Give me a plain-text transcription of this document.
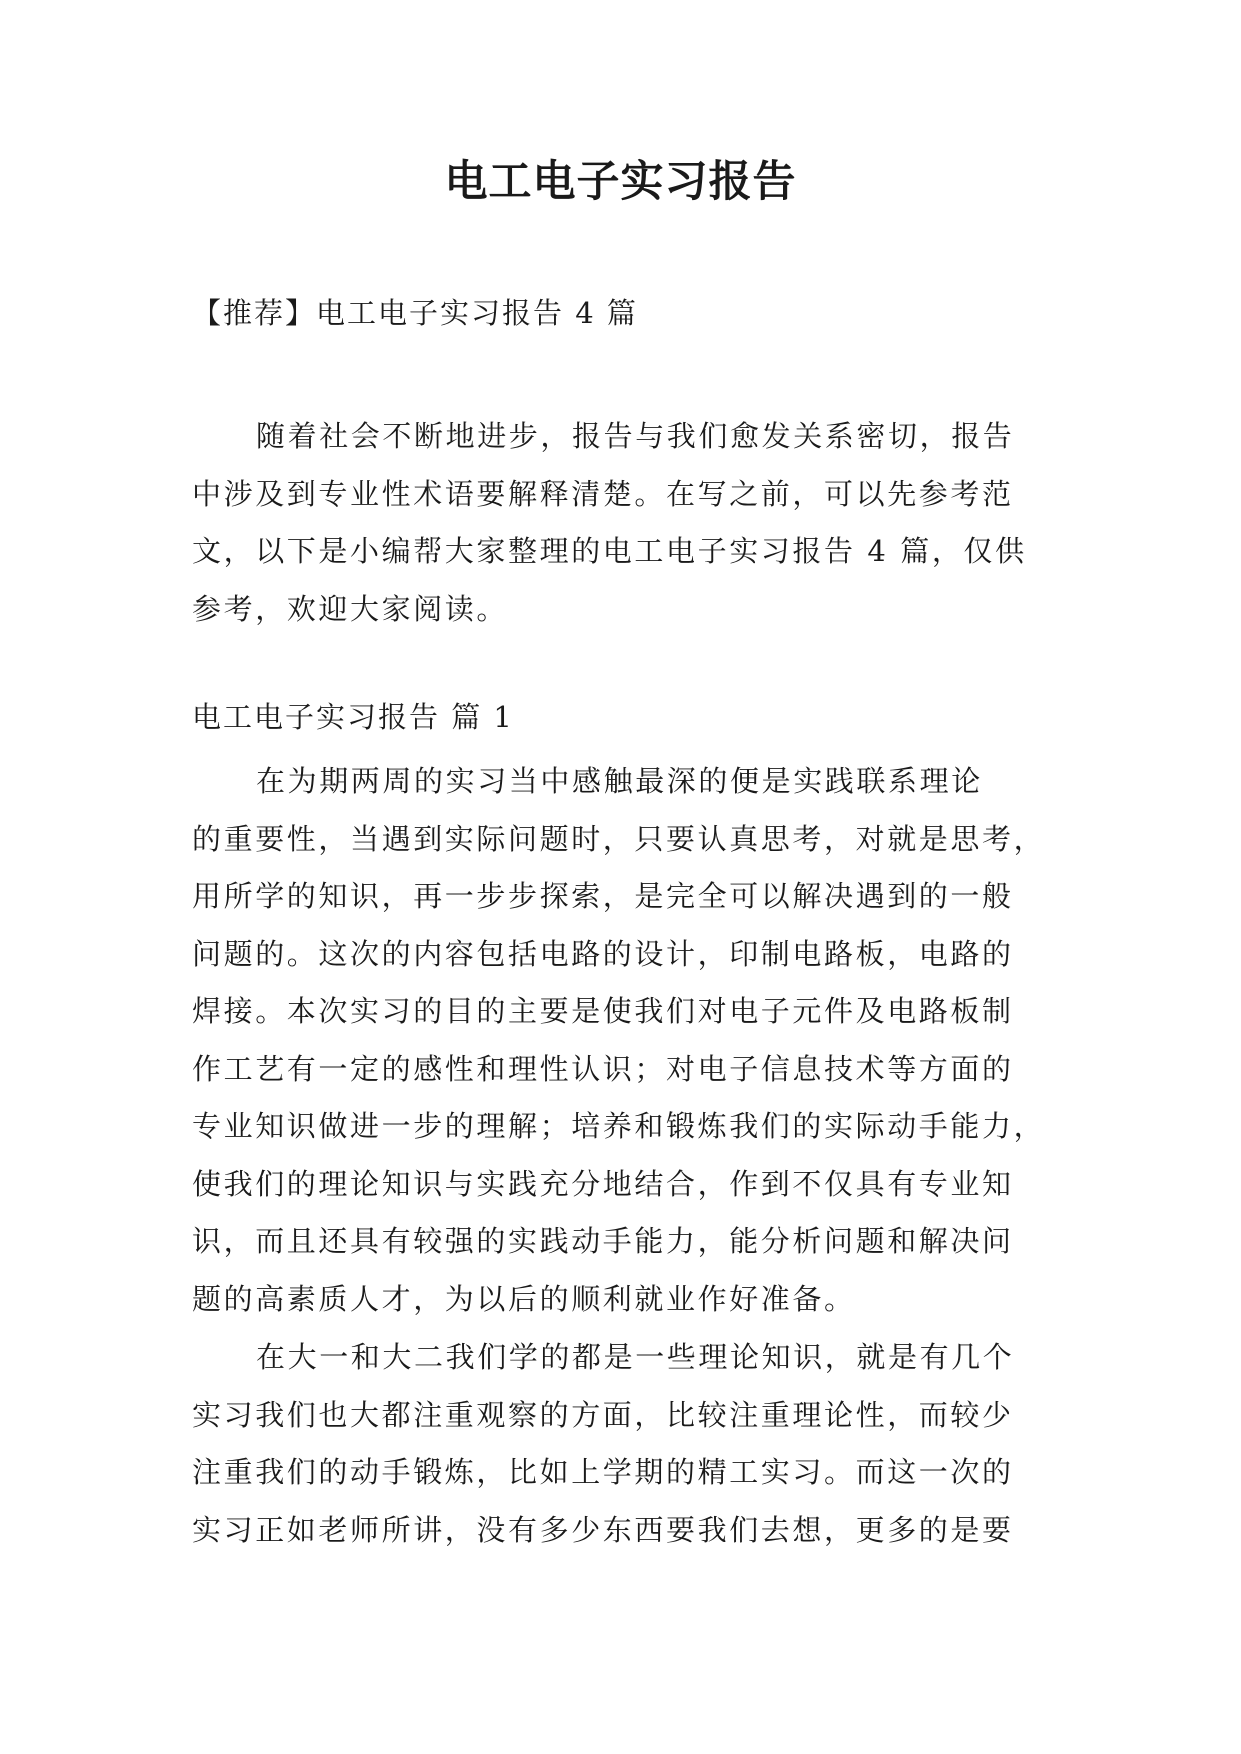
电工电子实习报告

【推荐】电工电子实习报告 4 篇

随着社会不断地进步，报告与我们愈发关系密切，报告
中涉及到专业性术语要解释清楚。在写之前，可以先参考范
文，以下是小编帮大家整理的电工电子实习报告 4 篇，仅供
参考，欢迎大家阅读。
电工电子实习报告 篇 1
在为期两周的实习当中感触最深的便是实践联系理论
的重要性，当遇到实际问题时，只要认真思考，对就是思考，
用所学的知识，再一步步探索，是完全可以解决遇到的一般
问题的。这次的内容包括电路的设计，印制电路板，电路的
焊接。本次实习的目的主要是使我们对电子元件及电路板制
作工艺有一定的感性和理性认识；对电子信息技术等方面的
专业知识做进一步的理解；培养和锻炼我们的实际动手能力，
使我们的理论知识与实践充分地结合，作到不仅具有专业知
识，而且还具有较强的实践动手能力，能分析问题和解决问
题的高素质人才，为以后的顺利就业作好准备。
在大一和大二我们学的都是一些理论知识，就是有几个
实习我们也大都注重观察的方面，比较注重理论性，而较少
注重我们的动手锻炼，比如上学期的精工实习。而这一次的
实习正如老师所讲，没有多少东西要我们去想，更多的是要
